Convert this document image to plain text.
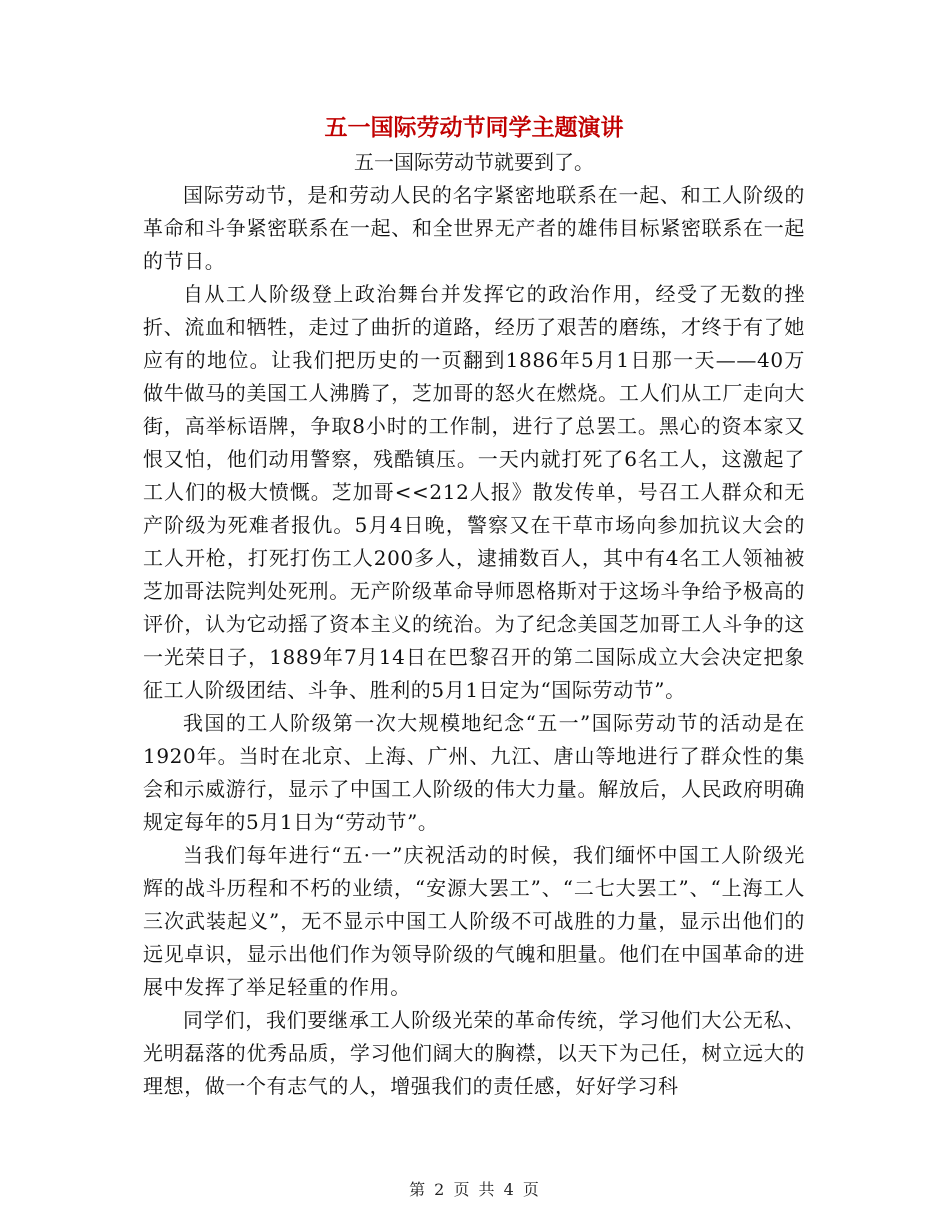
五一国际劳动节同学主题演讲

五一国际劳动节就要到了。

国际劳动节，是和劳动人民的名字紧密地联系在一起、和工人阶级的革命和斗争紧密联系在一起、和全世界无产者的雄伟目标紧密联系在一起的节日。

自从工人阶级登上政治舞台并发挥它的政治作用，经受了无数的挫折、流血和牺牲，走过了曲折的道路，经历了艰苦的磨练，才终于有了她应有的地位。让我们把历史的一页翻到1886年5月1日那一天——40万做牛做马的美国工人沸腾了，芝加哥的怒火在燃烧。工人们从工厂走向大街，高举标语牌，争取8小时的工作制，进行了总罢工。黑心的资本家又恨又怕，他们动用警察，残酷镇压。一天内就打死了6名工人，这激起了工人们的极大愤慨。芝加哥<<212人报》散发传单，号召工人群众和无产阶级为死难者报仇。5月4日晚，警察又在干草市场向参加抗议大会的工人开枪，打死打伤工人200多人，逮捕数百人，其中有4名工人领袖被芝加哥法院判处死刑。无产阶级革命导师恩格斯对于这场斗争给予极高的评价，认为它动摇了资本主义的统治。为了纪念美国芝加哥工人斗争的这一光荣日子，1889年7月14日在巴黎召开的第二国际成立大会决定把象征工人阶级团结、斗争、胜利的5月1日定为“国际劳动节”。

我国的工人阶级第一次大规模地纪念“五一”国际劳动节的活动是在1920年。当时在北京、上海、广州、九江、唐山等地进行了群众性的集会和示威游行，显示了中国工人阶级的伟大力量。解放后，人民政府明确规定每年的5月1日为“劳动节”。

当我们每年进行“五·一”庆祝活动的时候，我们缅怀中国工人阶级光辉的战斗历程和不朽的业绩，“安源大罢工”、“二七大罢工”、“上海工人三次武装起义”，无不显示中国工人阶级不可战胜的力量，显示出他们的远见卓识，显示出他们作为领导阶级的气魄和胆量。他们在中国革命的进展中发挥了举足轻重的作用。

同学们，我们要继承工人阶级光荣的革命传统，学习他们大公无私、光明磊落的优秀品质，学习他们阔大的胸襟，以天下为己任，树立远大的理想，做一个有志气的人，增强我们的责任感，好好学习科

第 2 页 共 4 页
